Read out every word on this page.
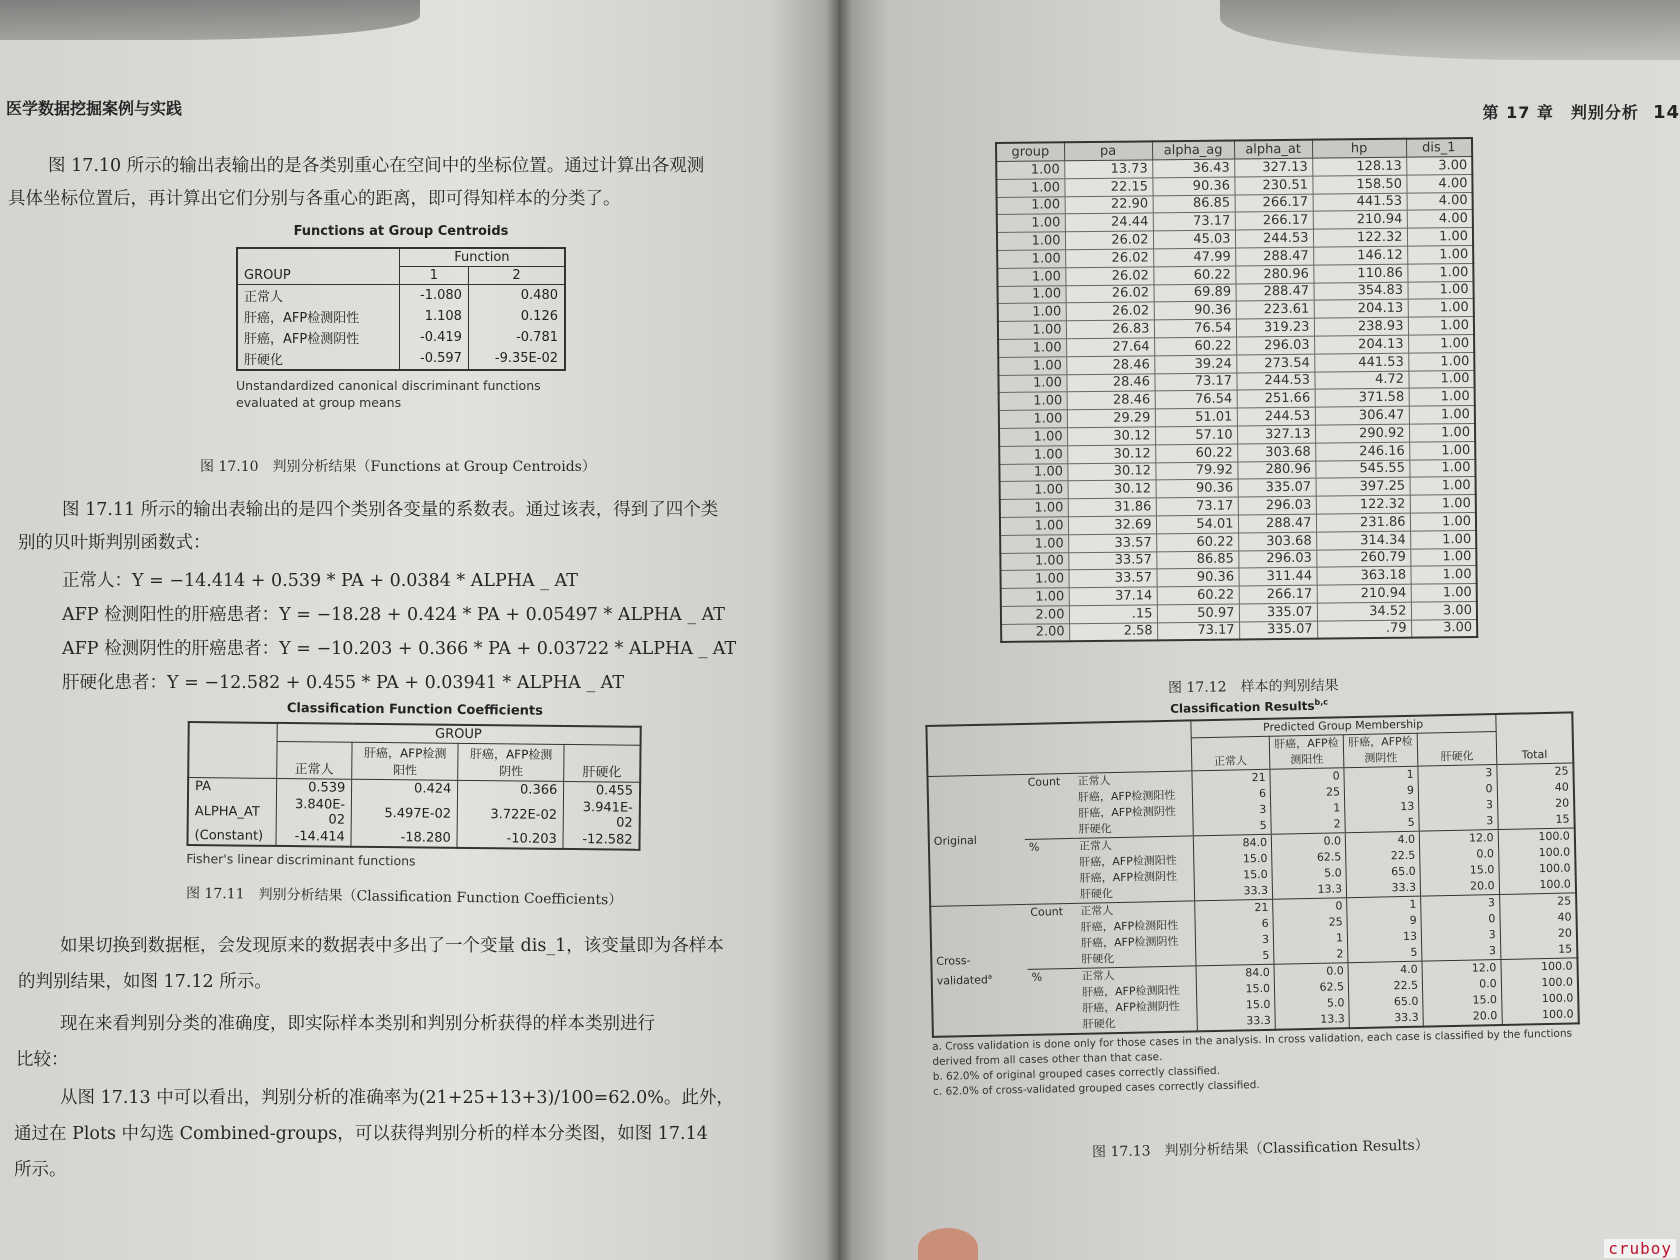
医学数据挖掘案例与实践

图 17.10 所示的输出表输出的是各类别重心在空间中的坐标位置。通过计算出各观测

具体坐标位置后，再计算出它们分别与各重心的距离，即可得知样本的分类了。

Functions at Group Centroids
GROUP	Function	
	1	2
正常人	-1.080	0.480
肝癌，AFP检测阳性	1.108	0.126
肝癌，AFP检测阴性	-0.419	-0.781
肝硬化	-0.597	-9.35E-02
Unstandardized canonical discriminant functions
evaluated at group means
图 17.10　判别分析结果（Functions at Group Centroids）

图 17.11 所示的输出表输出的是四个类别各变量的系数表。通过该表，得到了四个类

别的贝叶斯判别函数式：

正常人：Y = −14.414 + 0.539 * PA + 0.0384 * ALPHA _ AT

AFP 检测阳性的肝癌患者：Y = −18.28 + 0.424 * PA + 0.05497 * ALPHA _ AT

AFP 检测阴性的肝癌患者：Y = −10.203 + 0.366 * PA + 0.03722 * ALPHA _ AT

肝硬化患者：Y = −12.582 + 0.455 * PA + 0.03941 * ALPHA _ AT

Classification Function Coefficients
	GROUP			
	正常人	肝癌，AFP检测阳性	肝癌，AFP检测阴性	肝硬化
PA	0.539	0.424	0.366	0.455
ALPHA_AT	3.840E-02	5.497E-02	3.722E-02	3.941E-02
(Constant)	-14.414	-18.280	-10.203	-12.582
Fisher's linear discriminant functions
图 17.11　判别分析结果（Classification Function Coefficients）

如果切换到数据框，会发现原来的数据表中多出了一个变量 dis_1，该变量即为各样本

的判别结果，如图 17.12 所示。

现在来看判别分类的准确度，即实际样本类别和判别分析获得的样本类别进行

比较：

从图 17.13 中可以看出，判别分析的准确率为(21+25+13+3)/100=62.0%。此外，

通过在 Plots 中勾选 Combined-groups，可以获得判别分析的样本分类图，如图 17.14

所示。

第 17 章　判别分析 14
group	pa	alpha_ag	alpha_at	hp	dis_1
1.00	13.73	36.43	327.13	128.13	3.00
1.00	22.15	90.36	230.51	158.50	4.00
1.00	22.90	86.85	266.17	441.53	4.00
1.00	24.44	73.17	266.17	210.94	4.00
1.00	26.02	45.03	244.53	122.32	1.00
1.00	26.02	47.99	288.47	146.12	1.00
1.00	26.02	60.22	280.96	110.86	1.00
1.00	26.02	69.89	288.47	354.83	1.00
1.00	26.02	90.36	223.61	204.13	1.00
1.00	26.83	76.54	319.23	238.93	1.00
1.00	27.64	60.22	296.03	204.13	1.00
1.00	28.46	39.24	273.54	441.53	1.00
1.00	28.46	73.17	244.53	4.72	1.00
1.00	28.46	76.54	251.66	371.58	1.00
1.00	29.29	51.01	244.53	306.47	1.00
1.00	30.12	57.10	327.13	290.92	1.00
1.00	30.12	60.22	303.68	246.16	1.00
1.00	30.12	79.92	280.96	545.55	1.00
1.00	30.12	90.36	335.07	397.25	1.00
1.00	31.86	73.17	296.03	122.32	1.00
1.00	32.69	54.01	288.47	231.86	1.00
1.00	33.57	60.22	303.68	314.34	1.00
1.00	33.57	86.85	296.03	260.79	1.00
1.00	33.57	90.36	311.44	363.18	1.00
1.00	37.14	60.22	266.17	210.94	1.00
2.00	.15	50.97	335.07	34.52	3.00
2.00	2.58	73.17	335.07	.79	3.00
图 17.12　样本的判别结果
Classification Results$^{b,c}$
			Predicted Group Membership				Total
			正常人	肝癌，AFP检测阳性	肝癌，AFP检测阴性	肝硬化	
Original	Count	正常人	21	0	1	3	25
		肝癌，AFP检测阳性	6	25	9	0	40
		肝癌，AFP检测阴性	3	1	13	3	20
		肝硬化	5	2	5	3	15
	%	正常人	84.0	0.0	4.0	12.0	100.0
		肝癌，AFP检测阳性	15.0	62.5	22.5	0.0	100.0
		肝癌，AFP检测阴性	15.0	5.0	65.0	15.0	100.0
		肝硬化	33.3	13.3	33.3	20.0	100.0
Cross-validated$^a$	Count	正常人	21	0	1	3	25
		肝癌，AFP检测阳性	6	25	9	0	40
		肝癌，AFP检测阴性	3	1	13	3	20
		肝硬化	5	2	5	3	15
	%	正常人	84.0	0.0	4.0	12.0	100.0
		肝癌，AFP检测阳性	15.0	62.5	22.5	0.0	100.0
		肝癌，AFP检测阴性	15.0	5.0	65.0	15.0	100.0
		肝硬化	33.3	13.3	33.3	20.0	100.0
a. Cross validation is done only for those cases in the analysis. In cross validation, each case is classified by the functions derived from all cases other than that case.
b. 62.0% of original grouped cases correctly classified.
c. 62.0% of cross-validated grouped cases correctly classified.
图 17.13　判别分析结果（Classification Results）
cruboy
